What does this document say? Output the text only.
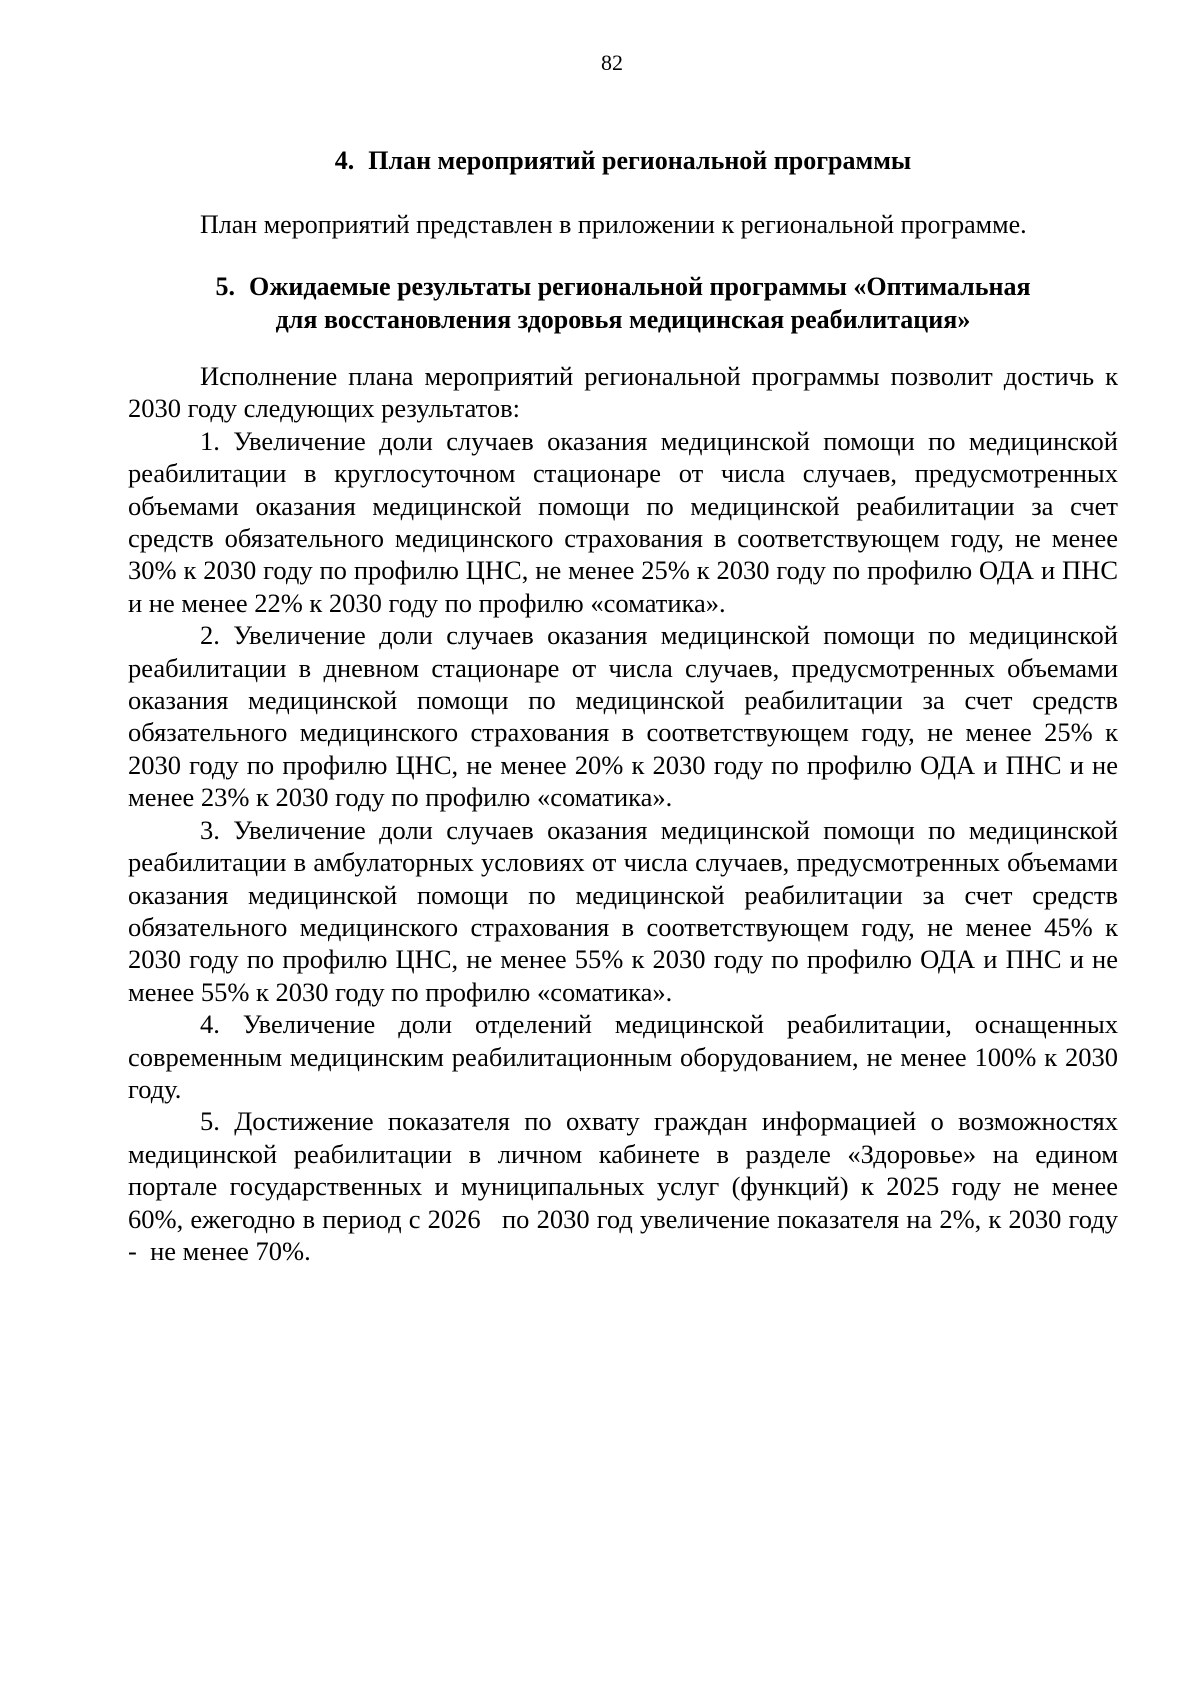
82
4. План мероприятий региональной программы
План мероприятий представлен в приложении к региональной программе.
5. Ожидаемые результаты региональной программы «Оптимальная
для восстановления здоровья медицинская реабилитация»

Исполнение плана мероприятий региональной программы позволит достичь к 2030 году следующих результатов:

1. Увеличение доли случаев оказания медицинской помощи по медицинской реабилитации в круглосуточном стационаре от числа случаев, предусмотренных объемами оказания медицинской помощи по медицинской реабилитации за счет средств обязательного медицинского страхования в соответствующем году, не менее 30% к 2030 году по профилю ЦНС, не менее 25% к 2030 году по профилю ОДА и ПНС и не менее 22% к 2030 году по профилю «соматика».

2. Увеличение доли случаев оказания медицинской помощи по медицинской реабилитации в дневном стационаре от числа случаев, предусмотренных объемами оказания медицинской помощи по медицинской реабилитации за счет средств обязательного медицинского страхования в соответствующем году, не менее 25% к 2030 году по профилю ЦНС, не менее 20% к 2030 году по профилю ОДА и ПНС и не менее 23% к 2030 году по профилю «соматика».

3. Увеличение доли случаев оказания медицинской помощи по медицинской реабилитации в амбулаторных условиях от числа случаев, предусмотренных объемами оказания медицинской помощи по медицинской реабилитации за счет средств обязательного медицинского страхования в соответствующем году, не менее 45% к 2030 году по профилю ЦНС, не менее 55% к 2030 году по профилю ОДА и ПНС и не менее 55% к 2030 году по профилю «соматика».

4. Увеличение доли отделений медицинской реабилитации, оснащенных современным медицинским реабилитационным оборудованием, не менее 100% к 2030 году.

5. Достижение показателя по охвату граждан информацией о возможностях медицинской реабилитации в личном кабинете в разделе «Здоровье» на едином портале государственных и муниципальных услуг (функций) к 2025 году не менее 60%, ежегодно в период с 2026   по 2030 год увеличение показателя на 2%, к 2030 году -  не менее 70%.
